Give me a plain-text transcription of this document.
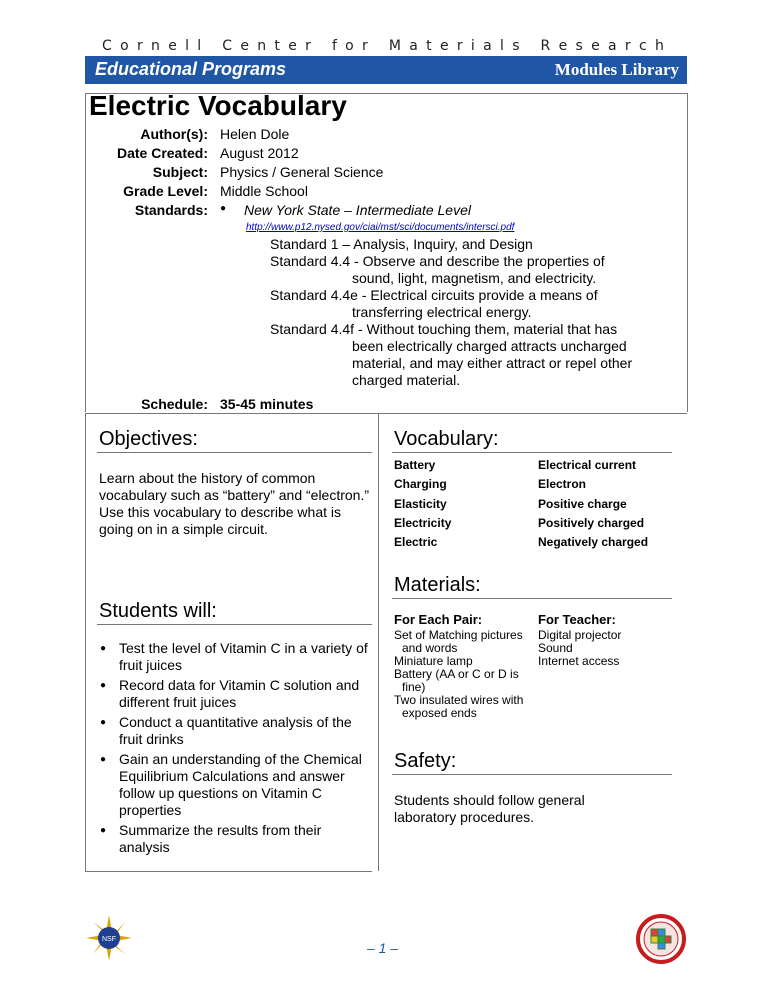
C o r n e l l
C e n t e r
f o r
M a t e r i a l s
R e s e a r c h
Educational Programs	Modules Library
Electric Vocabulary
Author(s): Helen Dole
Date Created: August 2012
Subject: Physics / General Science
Grade Level: Middle School
Standards: ● New York State – Intermediate Level
http://www.p12.nysed.gov/ciai/mst/sci/documents/intersci.pdf
Standard 1 – Analysis, Inquiry, and Design
Standard 4.4 - Observe and describe the properties of sound, light, magnetism, and electricity.
Standard 4.4e - Electrical circuits provide a means of transferring electrical energy.
Standard 4.4f - Without touching them, material that has been electrically charged attracts uncharged material, and may either attract or repel other charged material.
Schedule: 35-45 minutes
Objectives:
Learn about the history of common vocabulary such as “battery” and “electron.” Use this vocabulary to describe what is going on in a simple circuit.
Students will:
● Test the level of Vitamin C in a variety of fruit juices
● Record data for Vitamin C solution and different fruit juices
● Conduct a quantitative analysis of the fruit drinks
● Gain an understanding of the Chemical Equilibrium Calculations and answer follow up questions on Vitamin C properties
● Summarize the results from their analysis
Vocabulary:
Battery
Charging
Elasticity
Electricity
Electric
Electrical current
Electron
Positive charge
Positively charged
Negatively charged
Materials:
For Each Pair:	For Teacher:
Set of Matching pictures and words
Miniature lamp
Battery (AA or C or D is fine)
Two insulated wires with exposed ends
Digital projector
Sound
Internet access
Safety:
Students should follow general laboratory procedures.
NSF
– 1 –
